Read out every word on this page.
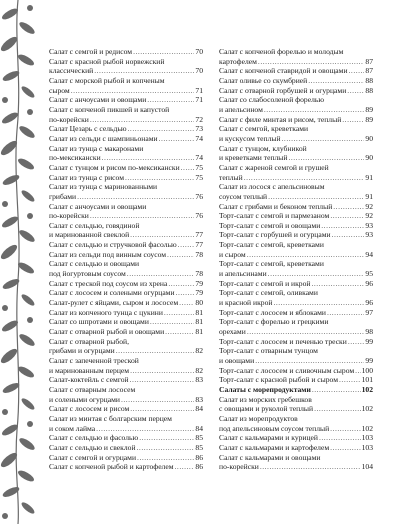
Салат с семгой и редисом .....	70
Салат с красной рыбой норвежский
классический .....	70
Салат с морской рыбой и копченым
сыром .....	71
Салат с анчоусами и овощами .....	71
Салат с копченой пикшей и капустой
по-корейски .....	72
Салат Цезарь с сельдью .....	73
Салат из сельди с шампиньонами .....	74
Салат из тунца с макаронами
по-мексикански .....	74
Салат с тунцом и рисом по-мексикански ..... 75
Салат из тунца с рисом .....	75
Салат из тунца с маринованными
грибами .....	76
Салат с анчоусами и овощами
по-корейски .....	76
Салат с сельдью, говядиной
и маринованной свеклой .....	77
Салат с сельдью и стручковой фасолью ..... 77
Салат из сельди под винным соусом .....	78
Салат с сельдью и овощами
под йогуртовым соусом .....	78
Салат с треской под соусом из хрена .....	79
Салат с лососем и солеными огурцами .....	79
Салат-рулет с яйцами, сыром и лососем ..... 80
Салат из копченого тунца с цукини .....	81
Салат со шпротами и овощами .....	81
Салат с отварной рыбой и овощами .....	81
Салат с отварной рыбой,
грибами и огурцами .....	82
Салат с запеченной треской
и маринованным перцем .....	82
Салат-коктейль с семгой .....	83
Салат с отварным лососем
и солеными огурцами .....	83
Салат с лососем и рисом .....	84
Салат из минтая с болгарским перцем
и соком лайма .....	84
Салат с сельдью и фасолью .....	85
Салат с сельдью и свеклой .....	85
Салат с семгой и огурцами .....	86
Салат с копченой рыбой и картофелем .....	86
Салат с копченой форелью и молодым
картофелем .....	87
Салат с копченой ставридой и овощами ..... 87
Салат оливье со скумбрией .....	88
Салат с отварной горбушей и огурцами .....	88
Салат со слабосоленой форелью
и апельсином .....	89
Салат с филе минтая и рисом, теплый .....	89
Салат с семгой, креветками
и кускусом теплый .....	90
Салат с тунцом, клубникой
и креветками теплый .....	90
Салат с жареной семгой и грушей
теплый .....	91
Салат из лосося с апельсиновым
соусом теплый .....	91
Салат с грибами и беконом теплый .....	92
Торт-салат с семгой и пармезаном .....	92
Торт-салат с семгой и овощами .....	93
Торт-салат с горбушей и огурцами .....	93
Торт-салат с семгой, креветками
и сыром .....	94
Торт-салат с семгой, креветками
и апельсинами .....	95
Торт-салат с семгой и икрой .....	96
Торт-салат с семгой, оливками
и красной икрой .....	96
Торт-салат с лососем и яблоками .....	97
Торт-салат с форелью и грецкими
орехами .....	98
Торт-салат с лососем и печенью трески ..... 99
Торт-салат с отварным тунцом
и овощами .....	99
Торт-салат с лососем и сливочным сыром ..... 100
Торт-салат с красной рыбой и сыром .....	101
Салаты с морепродуктами .....	102
Салат из морских гребешков
с овощами и руколой теплый .....	102
Салат из морепродуктов
под апельсиновым соусом теплый .....	102
Салат с кальмарами и курицей .....	103
Салат с кальмарами и картофелем .....	103
Салат с кальмарами и овощами
по-корейски .....	104
